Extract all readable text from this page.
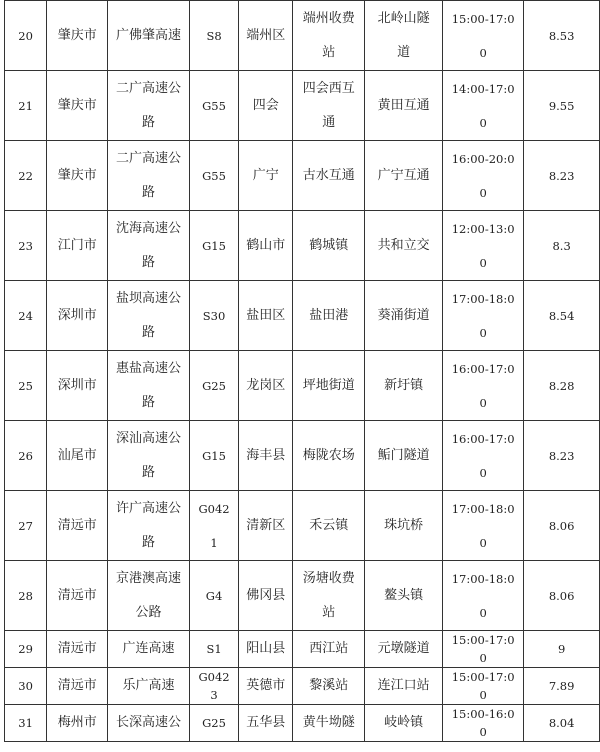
20	肇庆市	广佛肇高速	S8	端州区	端州收费站	北岭山隧道	15:00-17:00	8.53
21	肇庆市	二广高速公路	G55	四会	四会西互通	黄田互通	14:00-17:00	9.55
22	肇庆市	二广高速公路	G55	广宁	古水互通	广宁互通	16:00-20:00	8.23
23	江门市	沈海高速公路	G15	鹤山市	鹤城镇	共和立交	12:00-13:00	8.3
24	深圳市	盐坝高速公路	S30	盐田区	盐田港	葵涌街道	17:00-18:00	8.54
25	深圳市	惠盐高速公路	G25	龙岗区	坪地街道	新圩镇	16:00-17:00	8.28
26	汕尾市	深汕高速公路	G15	海丰县	梅陇农场	鲘门隧道	16:00-17:00	8.23
27	清远市	许广高速公路	G0421	清新区	禾云镇	珠坑桥	17:00-18:00	8.06
28	清远市	京港澳高速公路	G4	佛冈县	汤塘收费站	鳌头镇	17:00-18:00	8.06
29	清远市	广连高速	S1	阳山县	西江站	元墩隧道	15:00-17:00	9
30	清远市	乐广高速	G0423	英德市	黎溪站	连江口站	15:00-17:00	7.89
31	梅州市	长深高速公	G25	五华县	黄牛坳隧	岐岭镇	15:00-16:00	8.04
